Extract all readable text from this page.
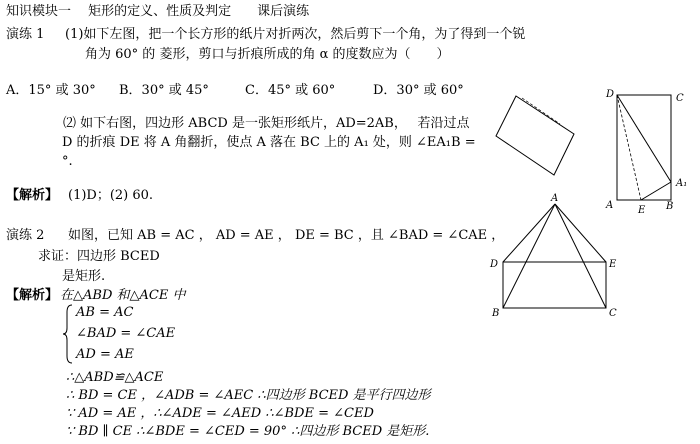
知识模块一　 矩形的定义、性质及判定　　课后演练
演练 1 (1)如下左图，把一个长方形的纸片对折两次，然后剪下一个角，为了得到一个锐
角为 60° 的 菱形，剪口与折痕所成的角 α 的度数应为（　　）
A．15° 或 30° B．30° 或 45°	C．45° 或 60°	D．30° 或 60°
⑵ 如下右图，四边形 ABCD 是一张矩形纸片，AD=2AB，　 若沿过点
D 的折痕 DE 将 A 角翻折，使点 A 落在 BC 上的 A₁ 处，则 ∠EA₁B =
°.
【解析】 (1)D；(2) 60.
D	C
A E B
A₁
演练 2 如图，已知 AB = AC ， AD = AE ， DE = BC ，且 ∠BAD = ∠CAE ，
求证：四边形 BCED
是矩形.
【解析】 在△ABD 和△ACE 中
AB = AC
∠BAD = ∠CAE
AD = AE
∴△ABD≌△ACE
∴ BD = CE ，∠ADB = ∠AEC ∴四边形 BCED 是平行四边形
∵ AD = AE ，∴∠ADE = ∠AED ∴∠BDE = ∠CED
∵ BD ∥ CE ∴∠BDE = ∠CED = 90° ∴四边形 BCED 是矩形.
A
D	E
B	C
